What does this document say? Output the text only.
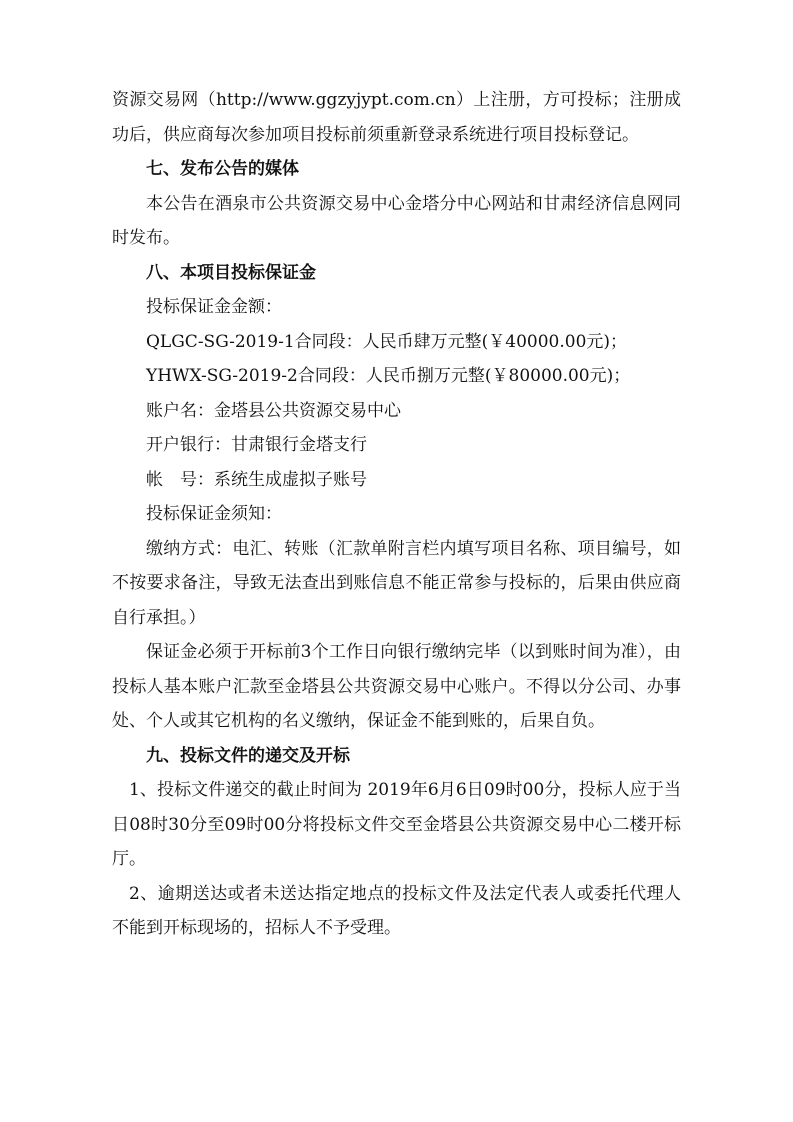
资源交易网（http://www.ggzyjypt.com.cn）上注册，方可投标；注册成功后，供应商每次参加项目投标前须重新登录系统进行项目投标登记。

七、发布公告的媒体

本公告在酒泉市公共资源交易中心金塔分中心网站和甘肃经济信息网同时发布。

八、本项目投标保证金

投标保证金金额：

QLGC-SG-2019-1合同段：人民币肆万元整(￥40000.00元)；

YHWX-SG-2019-2合同段：人民币捌万元整(￥80000.00元)；

账户名：金塔县公共资源交易中心

开户银行：甘肃银行金塔支行

帐　号：系统生成虚拟子账号

投标保证金须知：

缴纳方式：电汇、转账（汇款单附言栏内填写项目名称、项目编号，如不按要求备注，导致无法查出到账信息不能正常参与投标的，后果由供应商自行承担。）

保证金必须于开标前3个工作日向银行缴纳完毕（以到账时间为准），由投标人基本账户汇款至金塔县公共资源交易中心账户。不得以分公司、办事处、个人或其它机构的名义缴纳，保证金不能到账的，后果自负。

九、投标文件的递交及开标

1、投标文件递交的截止时间为 2019年6月6日09时00分，投标人应于当日08时30分至09时00分将投标文件交至金塔县公共资源交易中心二楼开标厅。

2、逾期送达或者未送达指定地点的投标文件及法定代表人或委托代理人不能到开标现场的，招标人不予受理。
